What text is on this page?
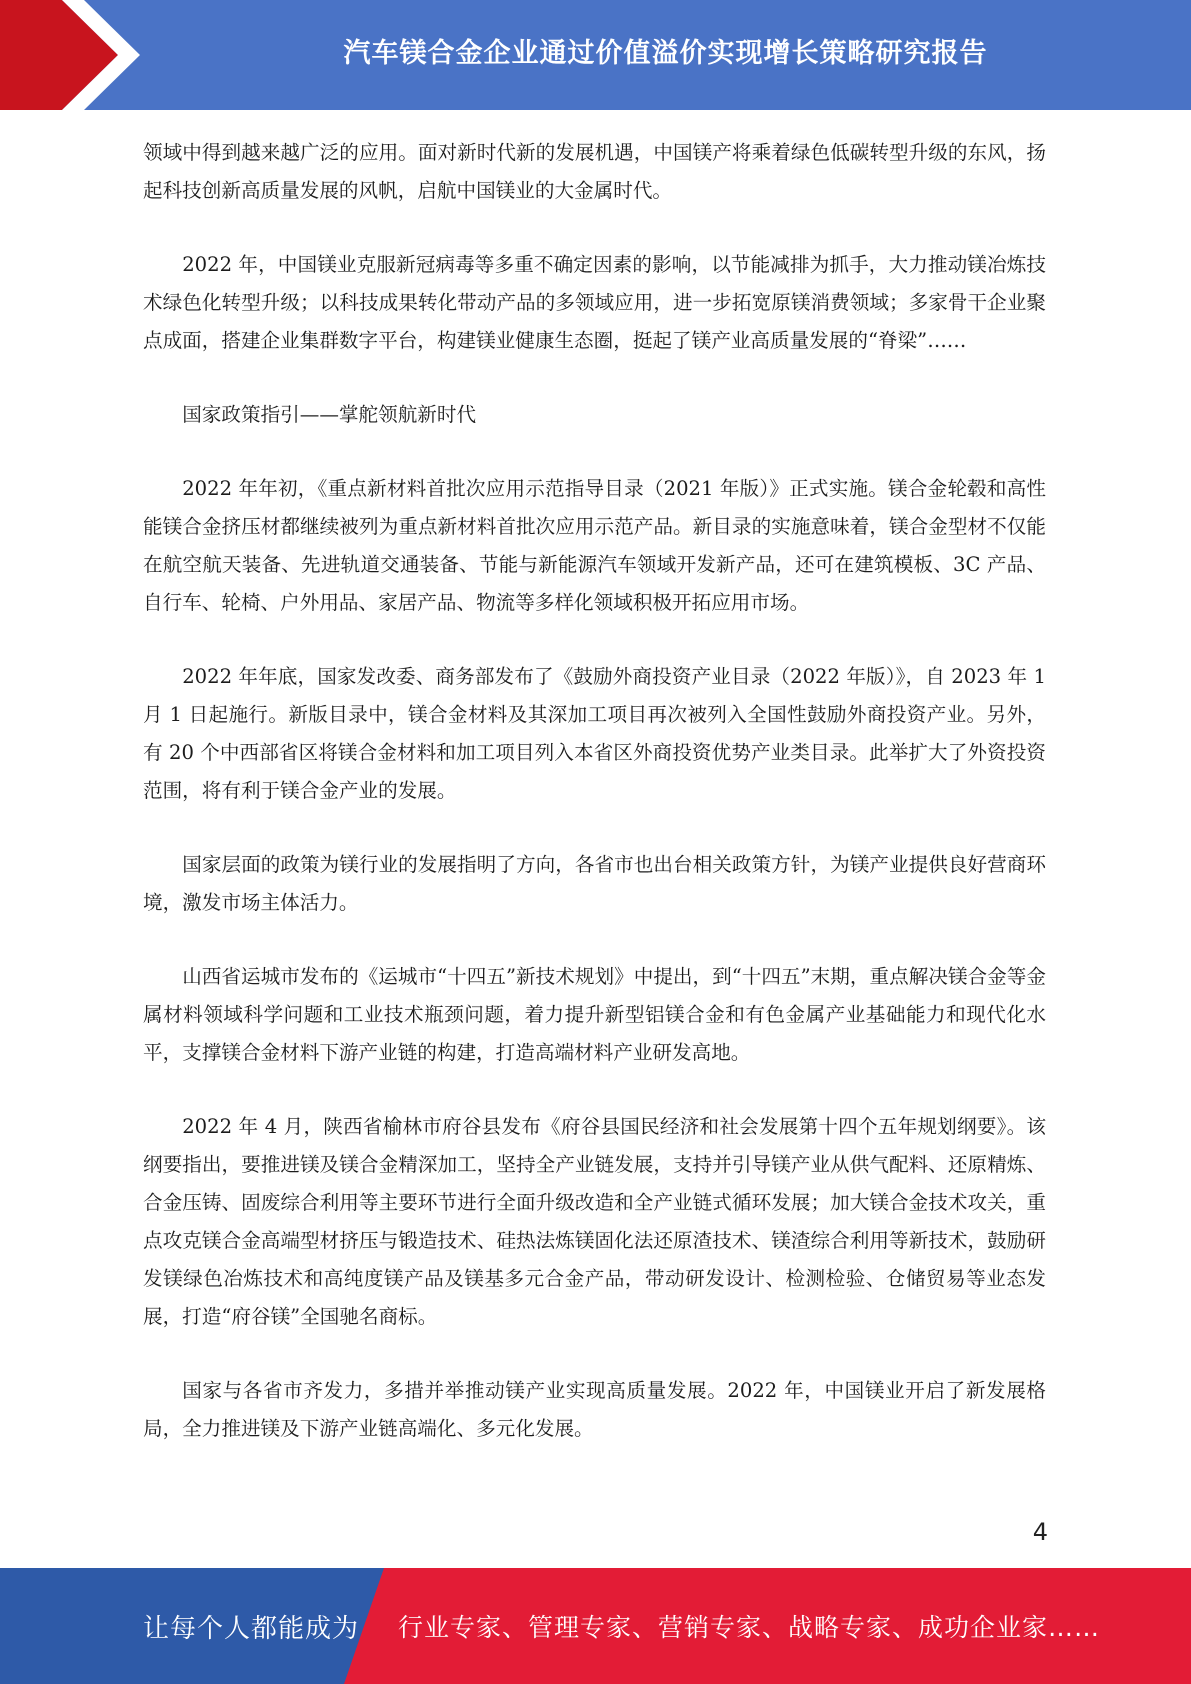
汽车镁合金企业通过价值溢价实现增长策略研究报告

领域中得到越来越广泛的应用。面对新时代新的发展机遇，中国镁产将乘着绿色低碳转型升级的东风，扬起科技创新高质量发展的风帆，启航中国镁业的大金属时代。

2022 年，中国镁业克服新冠病毒等多重不确定因素的影响，以节能减排为抓手，大力推动镁冶炼技术绿色化转型升级；以科技成果转化带动产品的多领域应用，进一步拓宽原镁消费领域；多家骨干企业聚点成面，搭建企业集群数字平台，构建镁业健康生态圈，挺起了镁产业高质量发展的“脊梁”……

国家政策指引——掌舵领航新时代

2022 年年初，《重点新材料首批次应用示范指导目录（2021 年版）》正式实施。镁合金轮毂和高性能镁合金挤压材都继续被列为重点新材料首批次应用示范产品。新目录的实施意味着，镁合金型材不仅能在航空航天装备、先进轨道交通装备、节能与新能源汽车领域开发新产品，还可在建筑模板、3C 产品、自行车、轮椅、户外用品、家居产品、物流等多样化领域积极开拓应用市场。

2022 年年底，国家发改委、商务部发布了《鼓励外商投资产业目录（2022 年版）》，自 2023 年 1 月 1 日起施行。新版目录中，镁合金材料及其深加工项目再次被列入全国性鼓励外商投资产业。另外，有 20 个中西部省区将镁合金材料和加工项目列入本省区外商投资优势产业类目录。此举扩大了外资投资范围，将有利于镁合金产业的发展。

国家层面的政策为镁行业的发展指明了方向，各省市也出台相关政策方针，为镁产业提供良好营商环境，激发市场主体活力。

山西省运城市发布的《运城市“十四五”新技术规划》中提出，到“十四五”末期，重点解决镁合金等金属材料领域科学问题和工业技术瓶颈问题，着力提升新型铝镁合金和有色金属产业基础能力和现代化水平，支撑镁合金材料下游产业链的构建，打造高端材料产业研发高地。

2022 年 4 月，陕西省榆林市府谷县发布《府谷县国民经济和社会发展第十四个五年规划纲要》。该纲要指出，要推进镁及镁合金精深加工，坚持全产业链发展，支持并引导镁产业从供气配料、还原精炼、合金压铸、固废综合利用等主要环节进行全面升级改造和全产业链式循环发展；加大镁合金技术攻关，重点攻克镁合金高端型材挤压与锻造技术、硅热法炼镁固化法还原渣技术、镁渣综合利用等新技术，鼓励研发镁绿色冶炼技术和高纯度镁产品及镁基多元合金产品，带动研发设计、检测检验、仓储贸易等业态发展，打造“府谷镁”全国驰名商标。

国家与各省市齐发力，多措并举推动镁产业实现高质量发展。2022 年，中国镁业开启了新发展格局，全力推进镁及下游产业链高端化、多元化发展。

4
让每个人都能成为 行业专家、管理专家、营销专家、战略专家、成功企业家……
